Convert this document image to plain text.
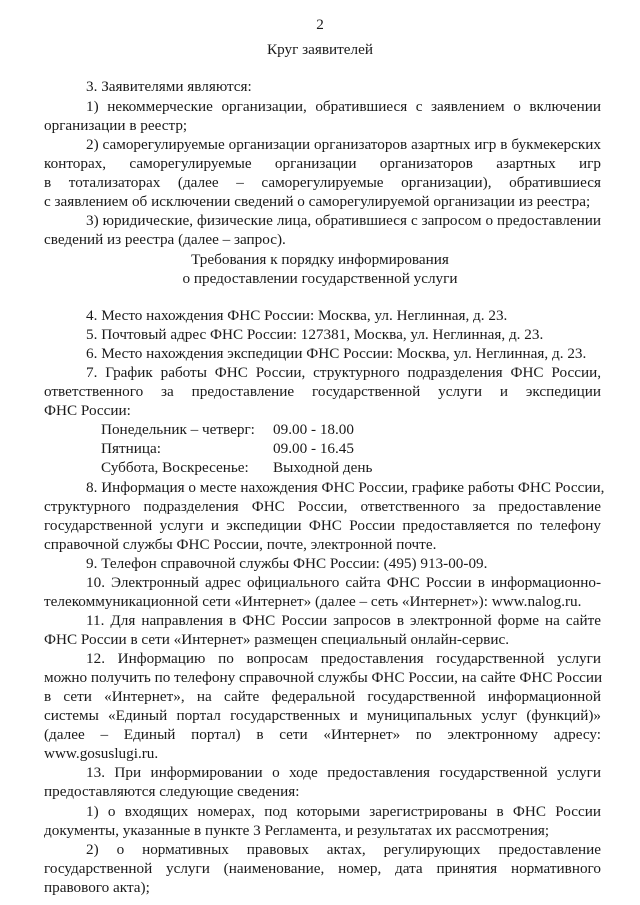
2
Круг заявителей
3. Заявителями являются:
1) некоммерческие организации, обратившиеся с заявлением о включении
организации в реестр;
2) саморегулируемые организации организаторов азартных игр в букмекерских
конторах, саморегулируемые организации организаторов азартных игр
в тотализаторах (далее – саморегулируемые организации), обратившиеся
с заявлением об исключении сведений о саморегулируемой организации из реестра;
3) юридические, физические лица, обратившиеся с запросом о предоставлении
сведений из реестра (далее – запрос).
Требования к порядку информирования
о предоставлении государственной услуги
4. Место нахождения ФНС России: Москва, ул. Неглинная, д. 23.
5. Почтовый адрес ФНС России: 127381, Москва, ул. Неглинная, д. 23.
6. Место нахождения экспедиции ФНС России: Москва, ул. Неглинная, д. 23.
7. График работы ФНС России, структурного подразделения ФНС России,
ответственного за предоставление государственной услуги и экспедиции
ФНС России:
Понедельник – четверг: 09.00 - 18.00
Пятница:	09.00 - 16.45
Суббота, Воскресенье: Выходной день
8. Информация о месте нахождения ФНС России, графике работы ФНС России,
структурного подразделения ФНС России, ответственного за предоставление
государственной услуги и экспедиции ФНС России предоставляется по телефону
справочной службы ФНС России, почте, электронной почте.
9. Телефон справочной службы ФНС России: (495) 913-00-09.
10. Электронный адрес официального сайта ФНС России в информационно-
телекоммуникационной сети «Интернет» (далее – сеть «Интернет»): www.nalog.ru.
11. Для направления в ФНС России запросов в электронной форме на сайте
ФНС России в сети «Интернет» размещен специальный онлайн-сервис.
12. Информацию по вопросам предоставления государственной услуги
можно получить по телефону справочной службы ФНС России, на сайте ФНС России
в сети «Интернет», на сайте федеральной государственной информационной
системы «Единый портал государственных и муниципальных услуг (функций)»
(далее – Единый портал) в сети «Интернет» по электронному адресу:
www.gosuslugi.ru.
13. При информировании о ходе предоставления государственной услуги
предоставляются следующие сведения:
1) о входящих номерах, под которыми зарегистрированы в ФНС России
документы, указанные в пункте 3 Регламента, и результатах их рассмотрения;
2) о нормативных правовых актах, регулирующих предоставление
государственной услуги (наименование, номер, дата принятия нормативного
правового акта);
